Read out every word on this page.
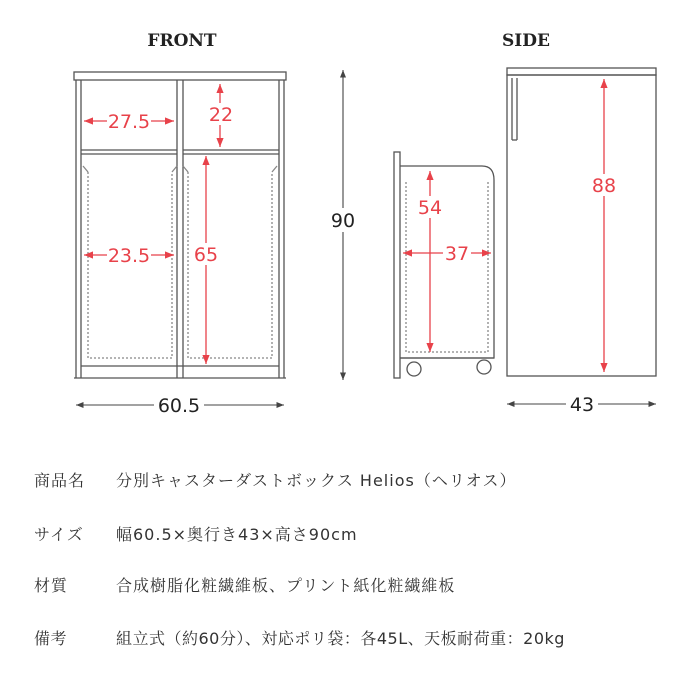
FRONT	SIDE
27.5	22
23.5 65
90
60.5
54
37
88
43
商品名 分別キャスターダストボックス Helios（ヘリオス）
サイズ 幅60.5×奥行き43×高さ90cm
材質	合成樹脂化粧繊維板、プリント紙化粧繊維板
備考	組立式（約60分）、対応ポリ袋：各45L、天板耐荷重：20kg
